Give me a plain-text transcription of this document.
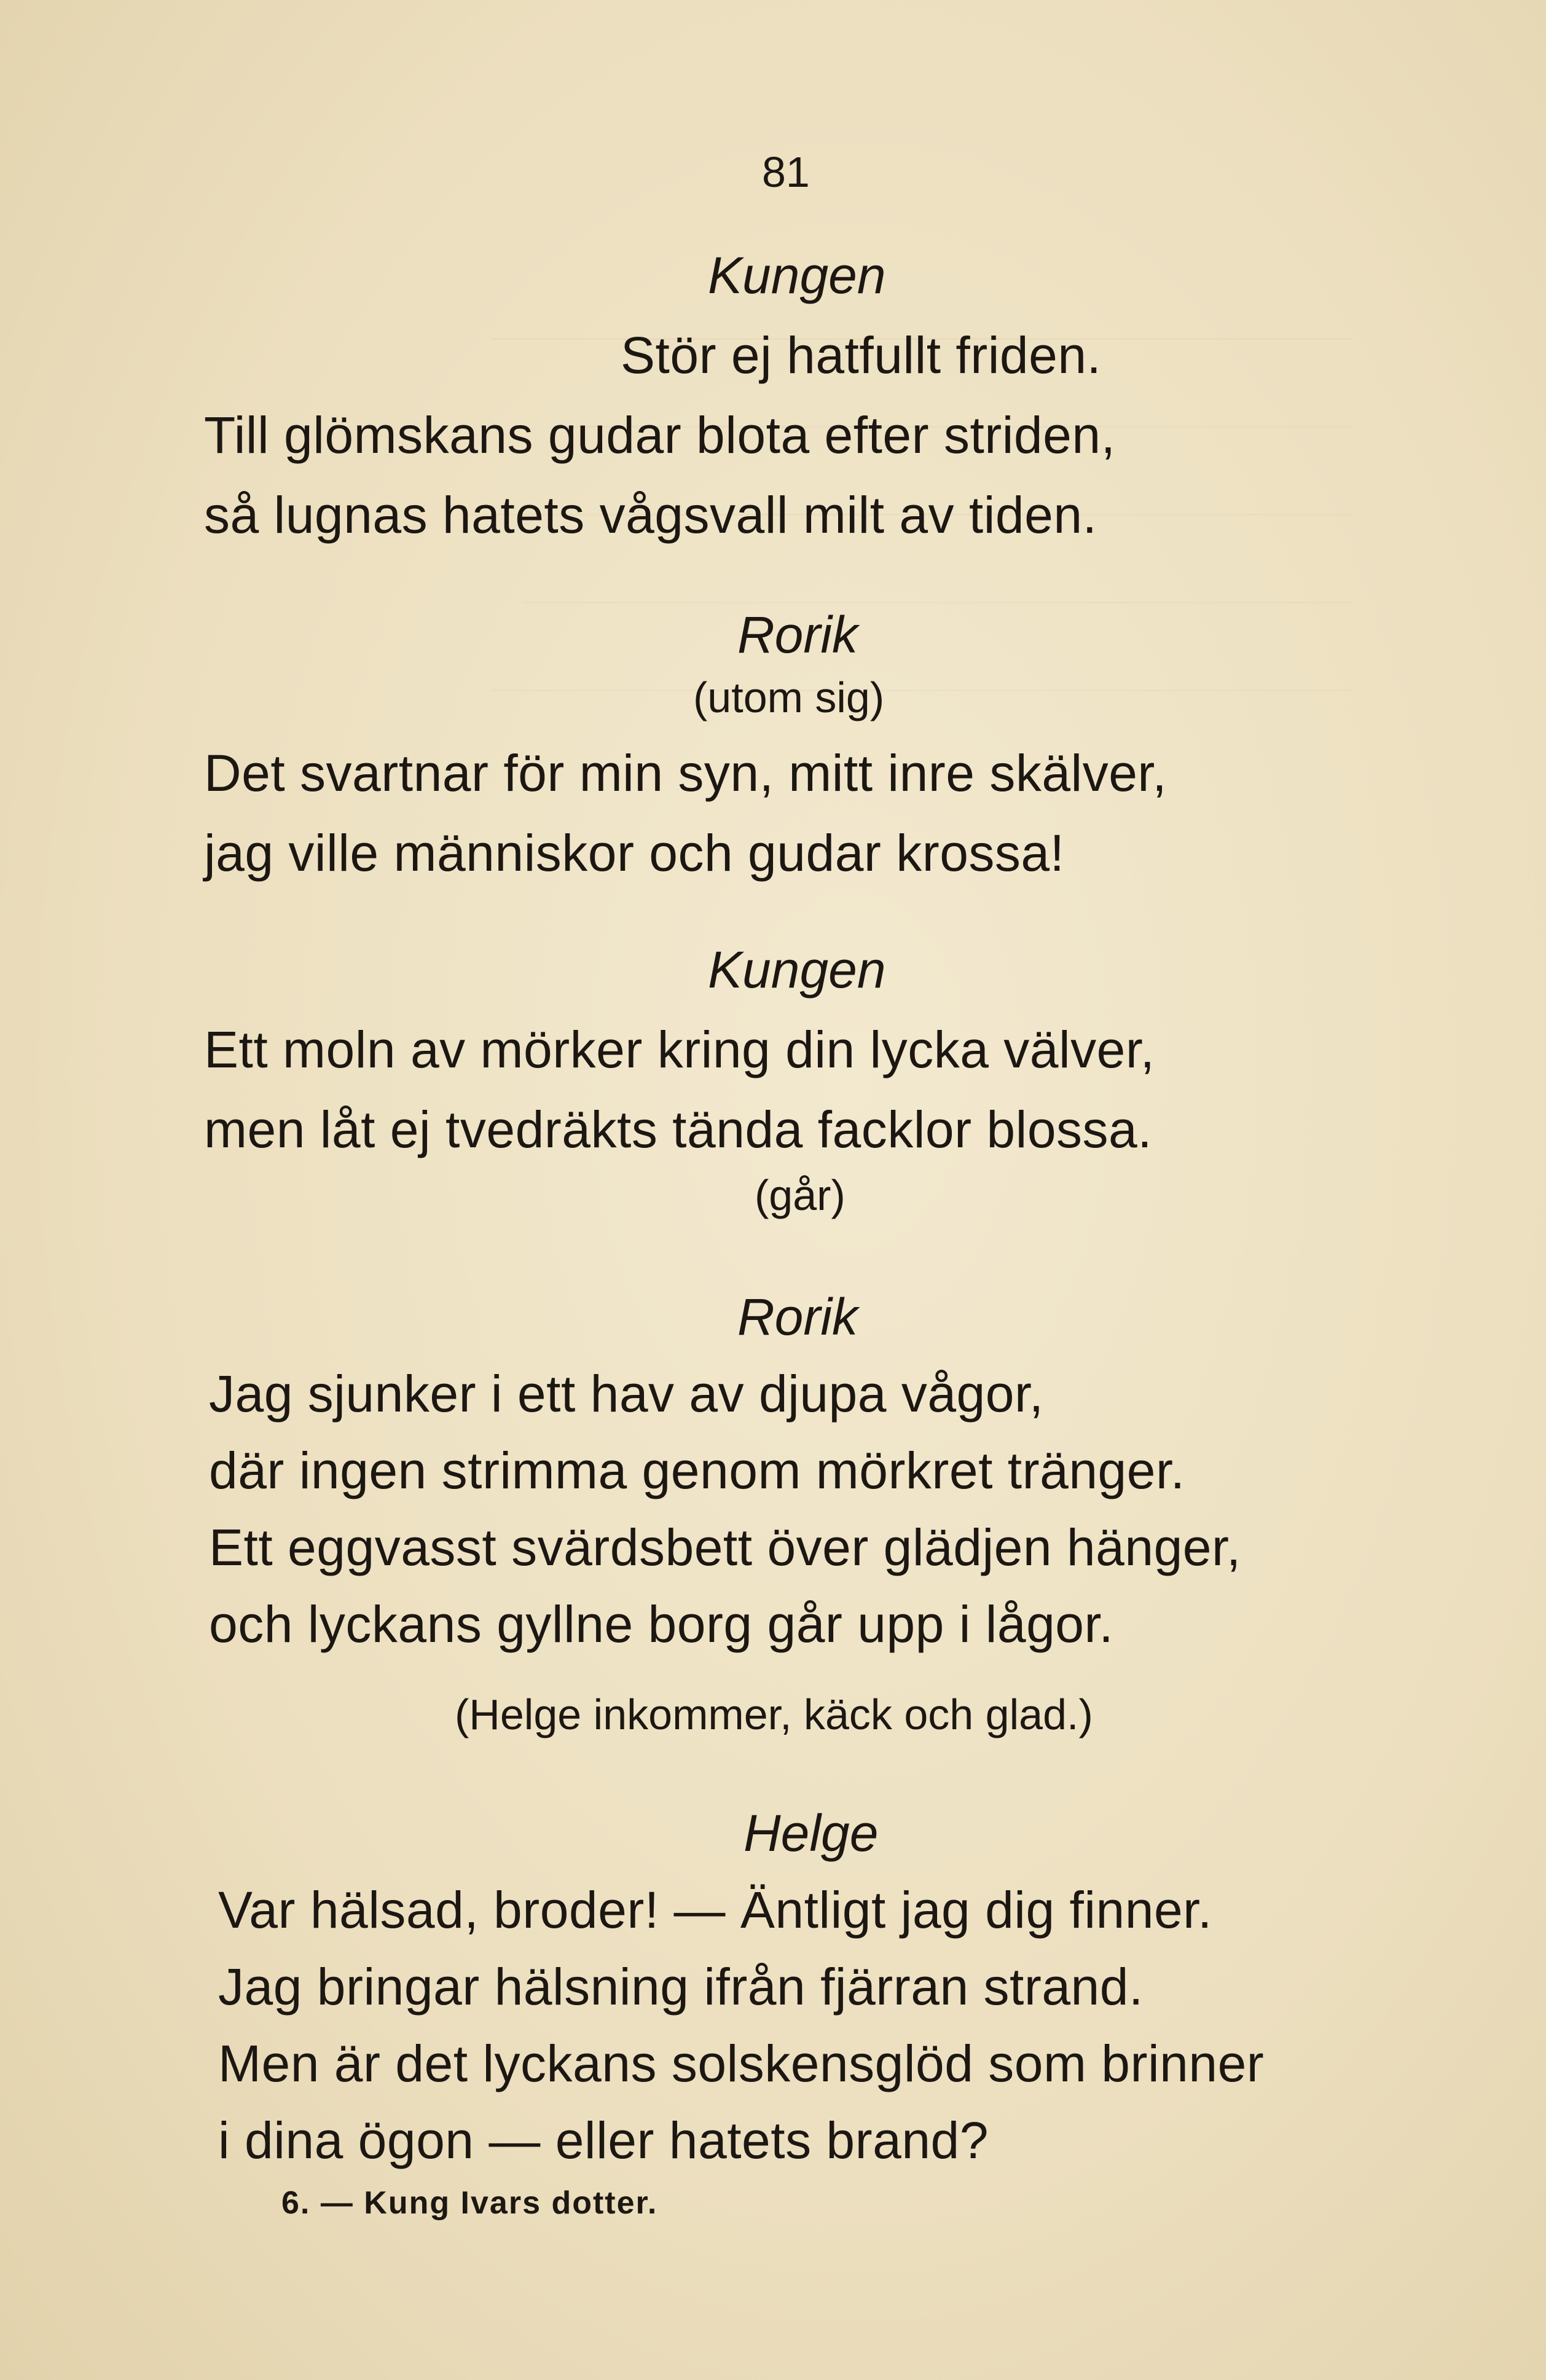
81
Kungen
Stör ej hatfullt friden.
Till glömskans gudar blota efter striden,
så lugnas hatets vågsvall milt av tiden.
Rorik
(utom sig)
Det svartnar för min syn, mitt inre skälver,
jag ville människor och gudar krossa!
Kungen
Ett moln av mörker kring din lycka välver,
men låt ej tvedräkts tända facklor blossa.
(går)
Rorik
Jag sjunker i ett hav av djupa vågor,
där ingen strimma genom mörkret tränger.
Ett eggvasst svärdsbett över glädjen hänger,
och lyckans gyllne borg går upp i lågor.
(Helge inkommer, käck och glad.)
Helge
Var hälsad, broder! — Äntligt jag dig finner.
Jag bringar hälsning ifrån fjärran strand.
Men är det lyckans solskensglöd som brinner
i dina ögon — eller hatets brand?
6. — Kung Ivars dotter.
